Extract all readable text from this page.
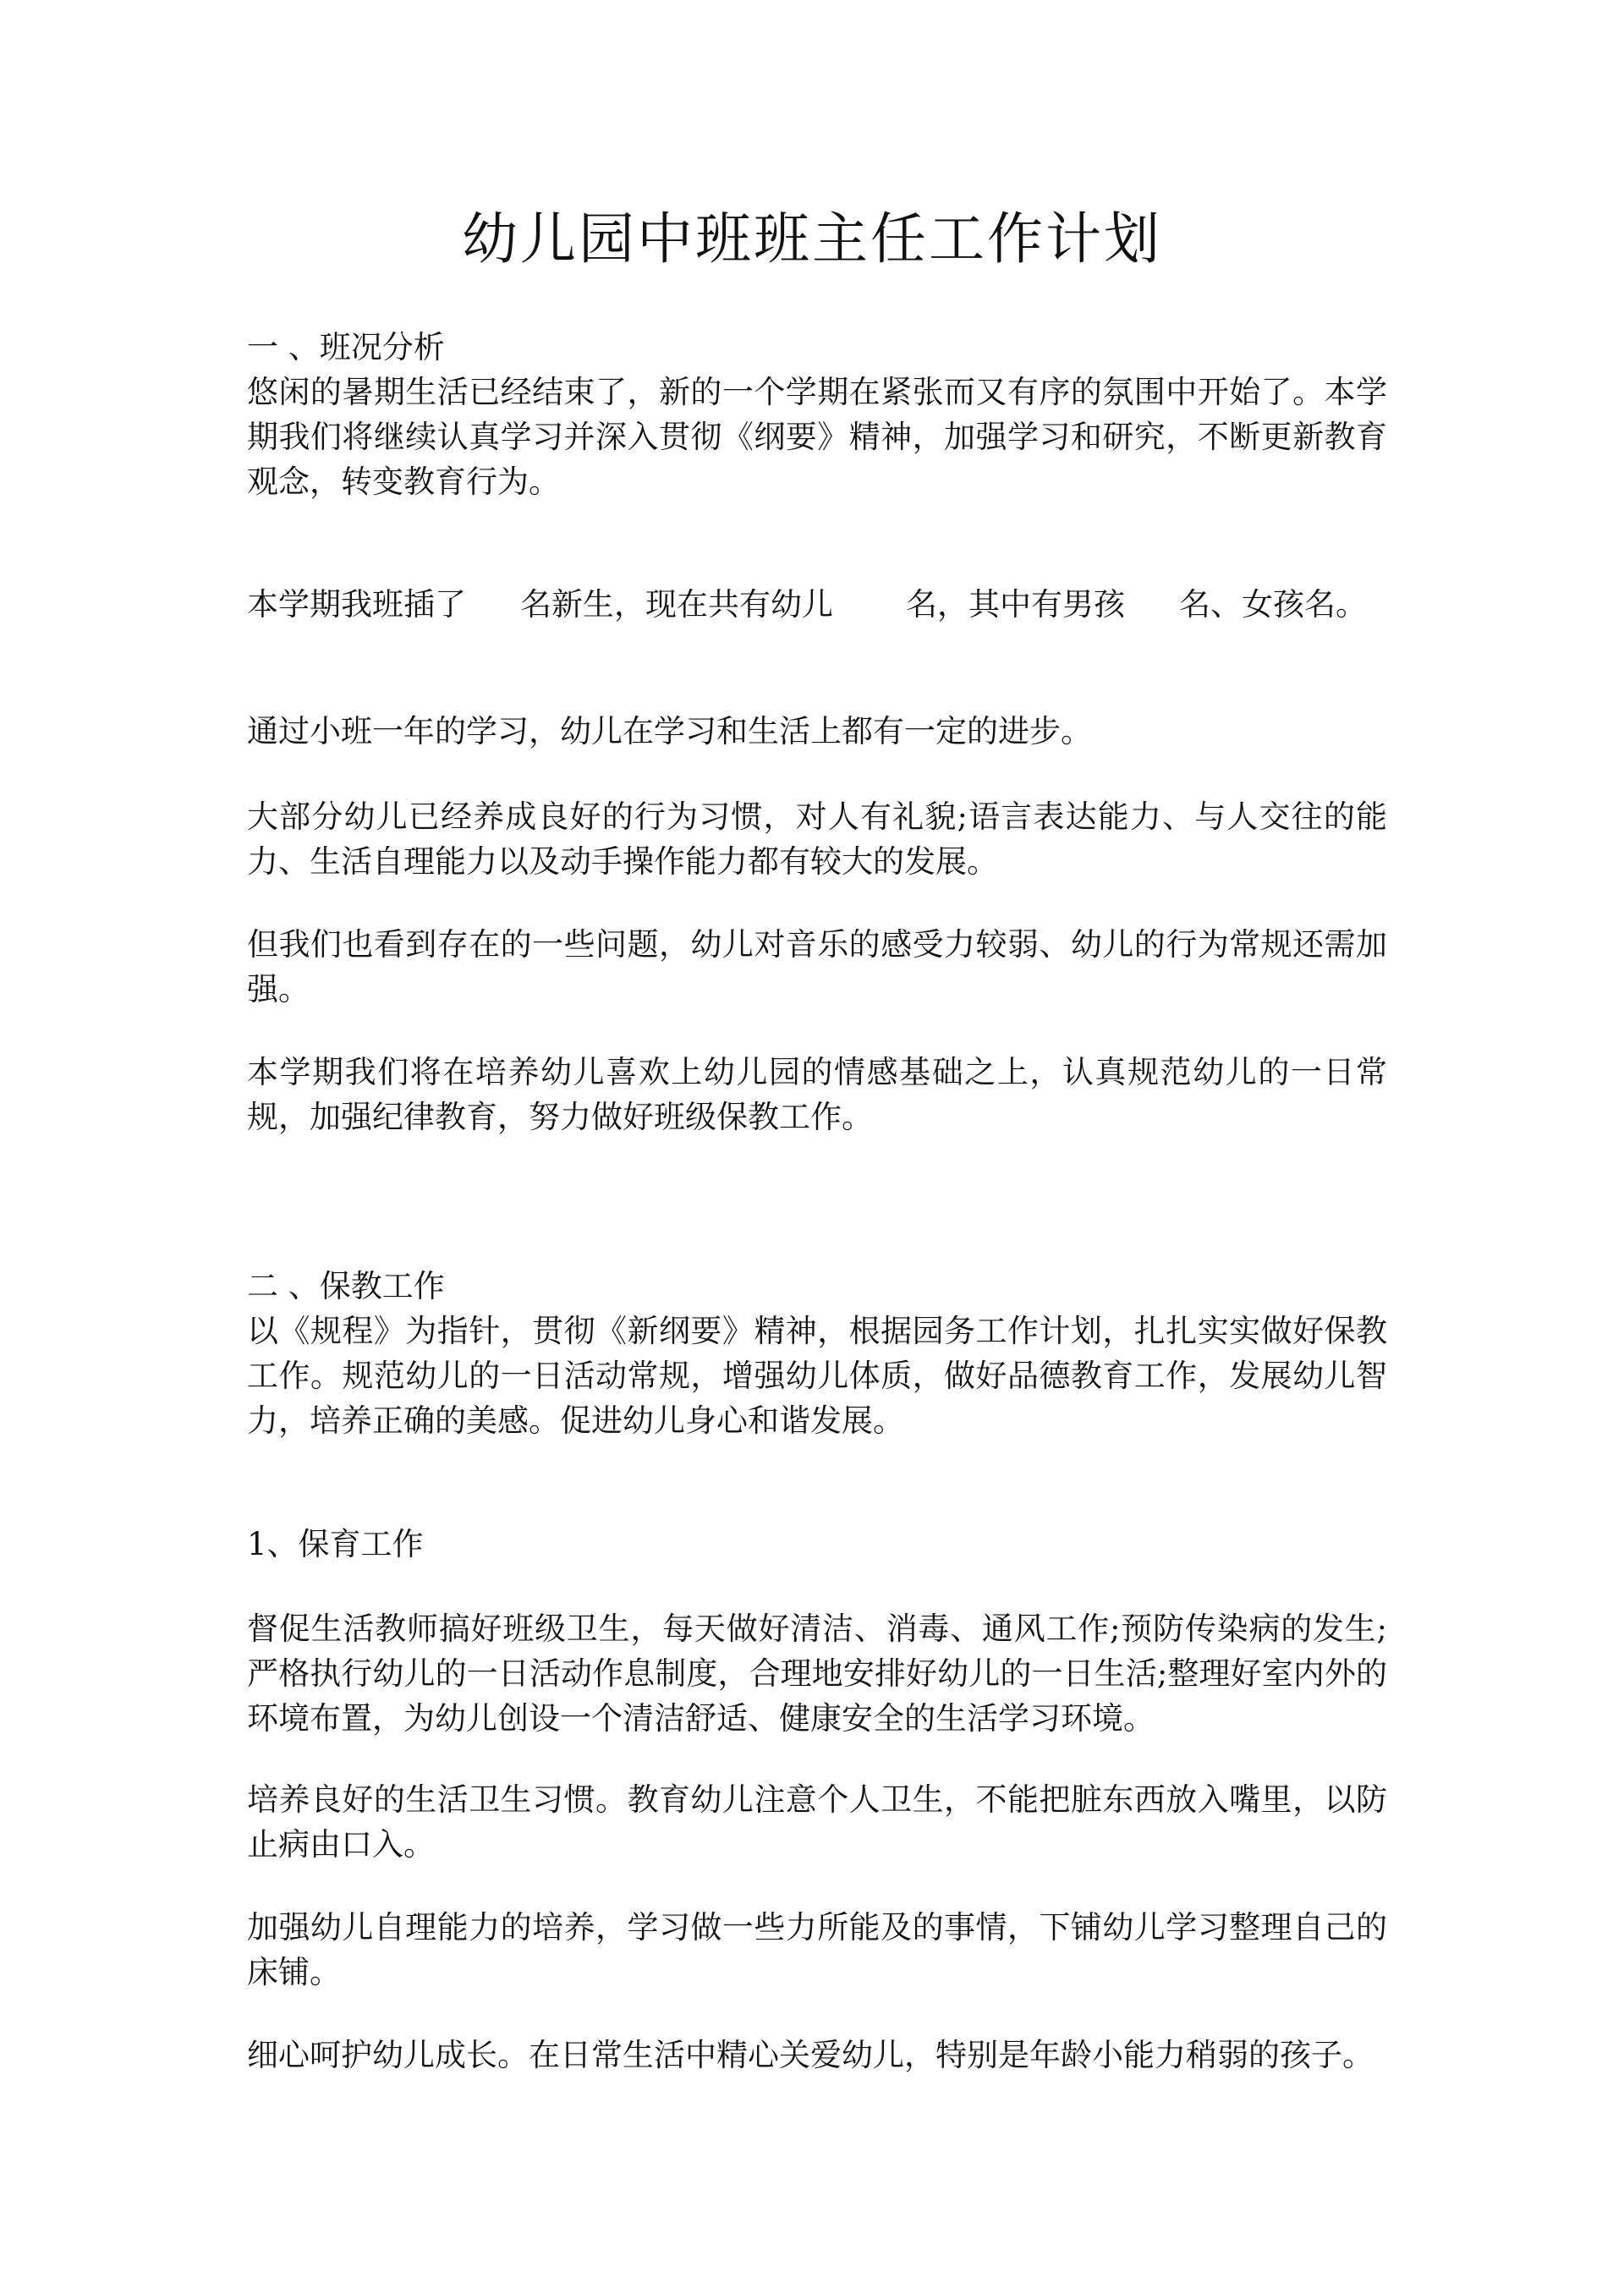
幼儿园中班班主任工作计划
一 、班况分析

悠闲的暑期生活已经结束了，新的一个学期在紧张而又有序的氛围中开始了。本学期我们将继续认真学习并深入贯彻《纲要》精神，加强学习和研究，不断更新教育观念，转变教育行为。

本学期我班插了 名新生，现在共有幼儿 名，其中有男孩 名、女孩名。

通过小班一年的学习，幼儿在学习和生活上都有一定的进步。

大部分幼儿已经养成良好的行为习惯，对人有礼貌;语言表达能力、与人交往的能力、生活自理能力以及动手操作能力都有较大的发展。

但我们也看到存在的一些问题，幼儿对音乐的感受力较弱、幼儿的行为常规还需加强。

本学期我们将在培养幼儿喜欢上幼儿园的情感基础之上，认真规范幼儿的一日常规，加强纪律教育，努力做好班级保教工作。

二 、保教工作

以《规程》为指针，贯彻《新纲要》精神，根据园务工作计划，扎扎实实做好保教工作。规范幼儿的一日活动常规，增强幼儿体质，做好品德教育工作，发展幼儿智力，培养正确的美感。促进幼儿身心和谐发展。

1、保育工作

督促生活教师搞好班级卫生，每天做好清洁、消毒、通风工作;预防传染病的发生;严格执行幼儿的一日活动作息制度，合理地安排好幼儿的一日生活;整理好室内外的环境布置，为幼儿创设一个清洁舒适、健康安全的生活学习环境。

培养良好的生活卫生习惯。教育幼儿注意个人卫生，不能把脏东西放入嘴里，以防止病由口入。

加强幼儿自理能力的培养，学习做一些力所能及的事情，下铺幼儿学习整理自己的床铺。

细心呵护幼儿成长。在日常生活中精心关爱幼儿，特别是年龄小能力稍弱的孩子。
